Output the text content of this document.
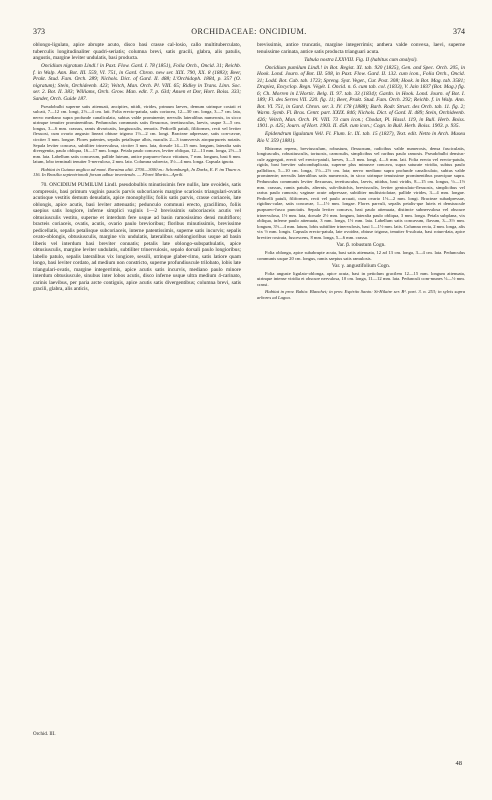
373	ORCHIDACEAE: ONCIDIUM.	374

oblongo-ligulato, apice abrupte acuto, disco basi crasse cal-losio, callo multituberculato, tuberculis longitudinaliter quadri-seriatis; columna brevi, satis gracili, glabra, alis patulis, angustis, margine leviter undulatis, basi producta.

Oncidium nigratum Lindl.! in Paxt. Flow. Gard. I. 78 (1851), Folia Orch., Oncid. 31; Reichb. f. in Walp. Ann. Bot. III. 559, VI. 751, in Gard. Chron. new ser. XIX. 790, XX. 8 (1883); Beer, Prakt. Stud. Fam. Orch. 289; Nichols. Dict. of Gard. II. 488; L'Orchidoph. 1884, p. 357 (O. nigratum); Stein, Orchideenb. 423; Veitch, Man. Orch. Pl. VIII. 65; Ridley in Trans. Linn. Soc. ser. 2. Bot. II. 383; Williams, Orch. Grow. Man. edit. 7. p. 634; Ansen et Dor, Hort. Boiss. 333; Sander, Orch. Guide 187.

Pseudobulbi superne satis attenuati, ancipites, nitidi, virides, primum laeves, demum utrinque costati et sulcati, 7—12 cm. longi, 2½—4 cm. lati. Folia erecto-patula, satis coriacea, 12—30 cm. longa, 3—7 cm. lata, nervo mediano supra profunde canaliculato, subtus valde prominente; nervulis lateralibus numerosis, in sicco utrinque tenuiter prominentibus. Pedunculus communis satis flexuosus, teretiusculus, laevis, usque 3—5 cm. longus, 3—6 mm. crassus, ramis divaricatis, longiusculis, remotis. Pedicelli patuli, filiformes, recti vel leviter flexuosi, cum ovario angusto lineari obtuse trigono 1½—2 cm. longi. Bracteae adpressae, satis con-cavae, circiter 3 mm. longae. Flores patentes, sepalis petalisque albis, maculis 2—3 transversis atropurpureis notatis. Sepala leviter concava, subtiliter trinervulosa, circiter 3 mm. lata, dorsale 14—15 mm. longum, lateralia satis divergentia, paulo obliqua, 16—17 mm. longa. Petala paulo concava, leviter obliqua, 12—13 mm. longa, 2½—3 mm. lata. Labellum satis concavum, pallide luteum, antice purpureo-fusco vittatum, 7 mm. longum, basi 6 mm. latum, lobo terminali tenuiter 5-nervuloso, 2 mm. lato. Columna subrecta, 3½—4 mm. longa. Capsula ignota.

Habitat in Guiana anglica ad mont. Roraima altit. 2700—3000 m.: Schomburgk, Jn Darks, E. F. im Thurn n. 116. In Brasilia septentrionali forsan adhuc inveniendo. — Floret Martio—Aprili.

70. ONCIDIUM PUMILUM Lindl. pseudobulbis minutissimis fere nullis, late ovoideis, satis compressis, basi primum vaginis paucis parvis subcoriaceis margine scariosis triangulari-ovatis acutisque vestitis demum denudatis, apice monophyllis; foliis satis parvis, crasse coriaceis, late oblongis, apice acutis, basi leviter attenuatis; pedunculo communi erecto, gracillimo, foliis saepius satis longiore, inferne simplici vaginis 1—2 brevissimis subcoriaceis acutis vel obtusiusculis vestito, superne et interdum fere usque ad basin ramosissimo densi multifloro; bracteis coriaceis, ovatis, acutis, ovario paulo brevioribus; floribus minutissimis, brevissime pedicellatis, sepalis petalisque subcoriaceis, interne patentissimis, superne satis incurvis; sepalis ovato-oblongis, obtusiusculis, margine vix undulatis, lateralibus sublongioribus usque ad basin liberis vel interdum basi breviter connatis; petalis late oblongo-subspathulatis, apice obtusiusculis, margine leviter undulatis, subtiliter trinervulosis, sepalo dorsali paulo longioribus; labello patulo, sepalis lateralibus vix longiore, sessili, utrinque glaber-rimo, satis latiore quam longo, basi leviter cordato, ad medium non constricto, superne profundiuscule trilobato, lobis late triangulari-ovatis, margine integerrimis, apice acutis satis incurvis, mediano paulo minore interdum obtusiuscule, sinubus inter lobos acutis, disco inferne usque ultra medium 4-carinato, carinis laevibus, per paria arcte contiguis, apice acutis satis divergentibus; columna brevi, satis gracili, glabra, alis anticis,

brevissimis, antice truncatis, margine integerrimis; anthera valde convexa, laevi, superne tenuissime carinata, antice satis producta trianguari acuta.

Tabula nostra LXXVIII. Fig. II (habitus cum analysi).

Oncidium pumilum Lindl.! in Bot. Regist. XI. tab. 920 (1825), Gen. and Spec. Orch. 205, in Hook. Lond. Journ. of Bot. III. 508, in Paxt. Flow. Gard. II. 132. cum icon., Folia Orch., Oncid. 31; Lodd. Bot. Cab. tab. 1723; Spreng. Syst. Veget., Cur. Post. 308; Hook. in Bot. Mag. tab. 3581; Drapiez, Encyclop. Regn. Végét. I. Oncid. n. 6. cum tab. col. (1833), V. Jain 1837 (Bot. Mag.) fig. 6; Ch. Morren in L'Hortic. Belg. II. 97. tab. 33 (1834); Gardn. in Hook. Lond. Journ. of Bot. I. 189; Fl. des Serres VII. 220. fig. 11; Beer, Prakt. Stud. Fam. Orch. 292; Reichb. f. in Walp. Ann. Bot. VI. 751, in Gard. Chron. ser. 3. IV. 178 (1888); Barb. Rodr. Struct. des Orch. tab. 11. fig. 2; Warm. Symb. Fl. Bras. Centr. part. XXIX. 846; Nichols. Dict. of Gard. II. 489; Stein, Orchideenb. 426; Veitch, Man. Orch. Pl. VIII. 73 cum icon.; Chodat, Pl. Hassl. 119, in Bull. Herb. Boiss. 1901. p. 425; Journ. of Hort. 1903. II. 458. cum icon.; Cogn. in Bull. Herb. Boiss. 1903. p. 935.

Epidendrum ligulatum Vell. Fl. Flum. Ic. IX. tab. 15 (1827), Text. edit. Netto in Arch. Museu Rio V. 359 (1881).

Rhizoma repens, breviusculum, robustum, flexuosum, radicibus valde numerosis, densa fasciculatis, longiusculis, robustiusculis, tortuosis, carnosulis, simplicibus vel raribus paulo ramosis. Pseudobulbi densius-cule aggregati, erecti vel erecto-patuli, laeves, 3—5 mm. longi, 4—6 mm. lati. Folia erecta vel erecto-patula, rigida, basi breviter subconduplicata, superne plus minusve concava, supra saturate viridia, subtus paulo pallidiora, 5—10 cm. longa, 1½—2½ cm. lata; nervo mediano supra profunde canaliculato, subtus valde prominente; nervulis lateralibus satis numerosis, in sicco utrinque tenuissime prominentibus praecipue supra. Pedunculus communis leviter flexuosus, teretiusculus, laevis, nitidus, basi viridis, 8—15 cm. longus, ½—1½ mm. crassus, ramis patulis, alternis, sub-distichis, brevissculis, leviter geniculato-flexuosis, simplicibus vel rarius paulo ramosis; vaginae acute adpressae, subtiliter multistriolatae, pallide virides, 3—4 mm. longae. Pedicelli patuli, filiformes, recti vel paulo arcuati, cum ovario 1½—2 mm. longi. Bracteae subadpressae, rigidius-culae, satis concavae, 1—1½ mm. longae. Flores parvuli, sepalis petalis-que luteis et densiuscule purpureo-fusco punctatis. Sepala leviter concava, basi paulo attenuata, distincte subnervulosa vel obscure trinervulosa, 1½ mm. lata, dorsale 2½ mm. longum, lateralia paulo obliqua, 3 mm. longa. Petala subplana, vix obliqua, inferne paulo attenuata, 3 mm. longa, 1½ mm. lata. Labellum satis concavum, flavum, 3—3½ mm. longum, 3½—4 mm. latum, lobis subtiliter trinervulosis, basi 1—1½ mm. latis. Columna recta, 2 mm. longa, alis vix ½ mm. longis. Capsula erecto-patula, late ovoidea, obtuse trigona, tenuiter 6-sulcata, basi rotun-data, apice breviter rostrata, fuscescens, 8 mm. longa, 5—6 mm. crassa.

Var. β. robustum Cogn.

Folia oblonga, apice subabrupte acuta, basi satis attenuata, 12 ad 13 cm. longa, 3—4 cm. lata. Pedunculus communis usque 20 cm. longus, ramis saepius satis ramulosis.

Var. γ. angustifolium Cogn.

Folia anguste ligulato-oblonga, apice acuta, basi in petiolum gracilem 12—15 mm. longum attenuata, utrinque intense viridia et obscure nervulosa, 10 cm. longa, 11—12 mm. lata. Pedunculi com-munes ⅓—½ mm. crassi.

Habitat in prov. Bahia: Blanchet; in prov. Espirito Santo: St-Hilaire ser. B¹. part. 3. n. 253; in sylvis supra arbores ad Lagoa.

Orchid. III.
48
